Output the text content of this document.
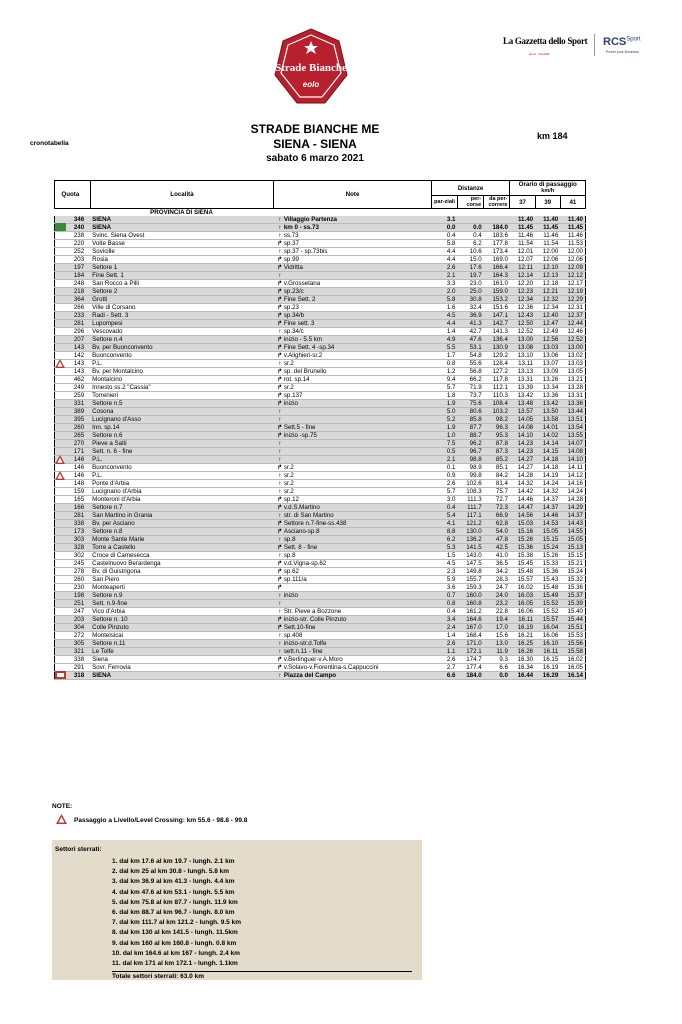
Strade Bianche
eolo
La Gazzetta dello Sport
sport · GLORIA
$RCS^{Sport}$
Power your Business
STRADE BIANCHE ME
SIENA - SIENA
sabato 6 marzo 2021
km 184
cronotabella
Quota	Località	Note	Distanze			Orario di passaggio
km/h		

			par-ziali	per-corse	da per-correre	37	39	41
	PROVINCIA DI SIENA							
346	SIENA	↑ Villaggio Partenza	3.1			11.40	11.40	11.40
240	SIENA	↑ km 0 - ss.73	0.0	0.0	184.0	11.45	11.45	11.45
238	Svinc. Siena Ovest	↑ ss.73	0.4	0.4	183.6	11.46	11.46	11.46
220	Volte Basse	↱sp.37	5.8	6.2	177.8	11.54	11.54	11.53
252	Sovicille	↑ sp.37 - sp.73bis	4.4	10.6	173.4	12.01	12.00	12.00
203	Rosia	↱sp.99	4.4	15.0	169.0	12.07	12.06	12.06
197	Settore 1	↱Vidritta	2.6	17.6	166.4	12.11	12.10	12.09
184	Fine Sett. 1	↑	2.1	19.7	164.3	12.14	12.13	12.12
248	San Rocco a Pilli	↱v.Grossetana	3.3	23.0	161.0	12.20	12.18	12.17
218	Settore 2	↱sp.23/c	2.0	25.0	159.0	12.23	12.21	12.19
364	Grotti	↱Fine Sett. 2	5.8	30.8	153.2	12.34	12.32	12.29
266	Ville di Corsano	↱sp.23	1.6	32.4	151.6	12.36	12.34	12.31
233	Radi - Sett. 3	↱sp.34/b	4.5	36.9	147.1	12.43	12.40	12.37
281	Lupompesi	↱Fine sett. 3	4.4	41.3	142.7	12.50	12.47	12.44
296	Vescovado	↑ sp.34/c	1.4	42.7	141.3	12.52	12.49	12.46
207	Settore n.4	↱inizio - 5.5 km	4.9	47.6	136.4	13.00	12.56	12.52
143	Bv. per Buonconvento	↱Fine Sett. 4 -sp.34	5.5	53.1	130.9	13.08	13.03	13.00
142	Buonconvento	↱v.Alighieri-sr.2	1.7	54.8	129.2	13.10	13.06	13.02
143	P.L.	↑ sr.2	0.8	55.6	128.4	13.11	13.07	13.03
143	Bv. per Montalcino	↱sp. del Brunello	1.2	56.8	127.2	13.13	13.09	13.05
462	Montalcino	↱rot. sp.14	9.4	66.2	117.8	13.31	13.26	13.21
249	Innesto ss.2 "Cassia"	↱sr.2	5.7	71.9	112.1	13.39	13.34	13.28
259	Torrenieri	↱sp.137	1.8	73.7	110.3	13.42	13.36	13.31
331	Settore n.5	↱inizio	1.9	75.6	108.4	13.48	13.42	13.36
389	Cosona	↑	5.0	80.6	103.2	13.57	13.50	13.44
395	Lucignano d'Asso	↑	5.2	85.8	98.2	14.05	13.58	13.51
260	Inn. sp.14	↱Sett.5 - fine	1.9	87.7	96.3	14.08	14.01	13.54
265	Settore n.6	↱inizio -sp.75	1.0	88.7	95.3	14.10	14.02	13.55
270	Pieve a Salti	↑	7.5	96.2	87.8	14.23	14.14	14.07
171	Sett. n. 6 - fine	↑	0.5	96.7	87.3	14.23	14.15	14.08
146	P.L.	↑	2.1	98.8	85.2	14.27	14.18	14.10
146	Buonconvento	↱sr.2	0.1	98.9	85.1	14.27	14.18	14.11
146	P.L.	↑ sr.2	0.9	99.8	84.2	14.28	14.19	14.12
148	Ponte d'Arbia	↑ sr.2	2.6	102.6	81.4	14.32	14.24	14.16
159	Lucignano d'Arbia	↑ sr.2	5.7	108.3	75.7	14.42	14.32	14.24
165	Monteroni d'Arbia	↱sp.12	3.0	111.3	72.7	14.46	14.37	14.28
166	Settore n.7	↱v.d.S.Martino	0.4	111.7	72.3	14.47	14.37	14.29
281	San Martino in Grania	↑ str. di San Martino	5.4	117.1	66.9	14.56	14.46	14.37
338	Bv. per Asciano	↱Settore n.7-fine-ss.438	4.1	121.2	62.8	15.03	14.53	14.43
173	Settore n.8	↱Asciano-sp.8	8.8	130.0	54.0	15.16	15.05	14.55
303	Monte Sante Marie	↑ sp.8	6.2	136.2	47.8	15.26	15.15	15.05
328	Torre a Castello	↱Sett. 8 - fine	5.3	141.5	42.5	15.36	15.24	15.13
302	Croce di Camesecca	↑ sp.8	1.5	143.0	41.0	15.38	15.26	15.15
245	Castelnuovo Berardenga	↱v.d.Vigna-sp.62	4.5	147.5	36.5	15.45	15.33	15.21
278	Bv. di Guistrigona	↱sp.62	2.3	149.8	34.2	15.48	15.36	15.24
260	San Piero	↱sp.111/a	5.9	155.7	28.3	15.57	15.43	15.32
230	Monteaperti	↱	3.6	159.3	24.7	16.02	15.48	15.36
198	Settore n.9	↑ inizio	0.7	160.0	24.0	16.03	15.49	15.37
251	Sett. n.9-fine	↑	0.8	160.8	23.2	16.05	15.52	15.39
247	Vico d'Arbia	↑ Str. Pieve a Bozzone	0.4	161.2	22.8	16.06	15.52	15.40
203	Settore n. 10	↱inizio-str. Colle Pinzuto	3.4	164.6	19.4	16.11	15.57	15.44
304	Colle Pinzuto	↱Sett.10-fine	2.4	167.0	17.0	16.19	16.04	15.51
272	Montelsicai	↑ sp.408	1.4	168.4	15.6	16.21	16.06	15.53
305	Settore n.11	↑ inizio-str.d.Tolfe	2.6	171.0	13.0	16.25	16.10	15.56
321	Le Tolfe	↑ sett.n.11 - fine	1.1	172.1	11.9	16.26	16.11	15.58
338	Siena	↱v.Berlinguer-v.A.Moro	2.6	174.7	9.3	16.30	16.15	16.02
291	Sovr. Ferrovia	↱v.Solavo-v.Fiorentina-s.Cappuccini	2.7	177.4	6.6	16.34	16.19	16.05
318	SIENA	↑ Piazza del Campo	6.6	184.0	0.0	16.44	16.29	16.14
NOTE:
Passaggio a Livello/Level Crossing: km 55.6 - 98.8 - 99.8
Settori sterrati:
1. dal km 17.6 al km 19.7 - lungh. 2.1 km
2. dal km 25 al km 30.8 - lungh. 5.8 km
3. dal km 36.9 al km 41.3 - lungh. 4.4 km
4. dal km 47.6 al km 53.1 - lungh. 5.5 km
5. dal km 75.8 al km 87.7 - lungh. 11.9 km
6. dal km 88.7 al km 96.7 - lungh. 8.0 km
7. dal km 111.7 al km 121.2 - lungh. 9.5 km
8. dal km 130 al km 141.5 - lungh. 11.5km
9. dal km 160 al km 160.8 - lungh. 0.8 km
10. dal km 164.6 al km 167 - lungh. 2.4 km
11. dal km 171 al km 172.1 - lungh. 1.1km
Totale settori sterrati: 63.0 km
